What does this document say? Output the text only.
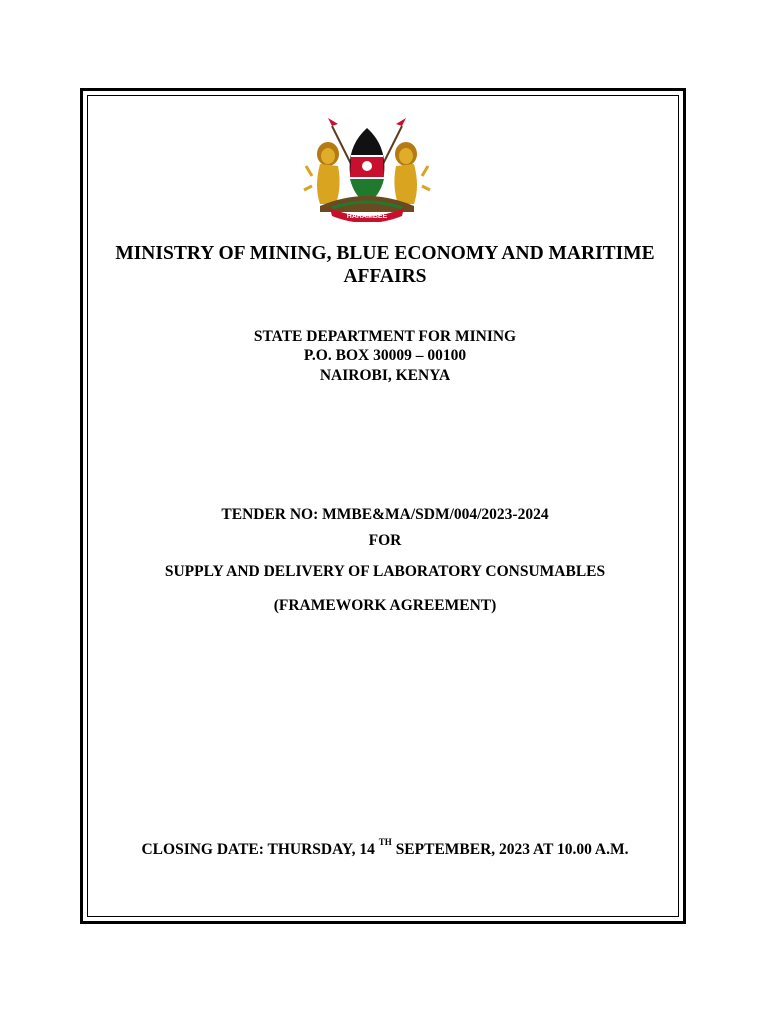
HARAMBEE
MINISTRY OF MINING, BLUE ECONOMY AND MARITIME
AFFAIRS
STATE DEPARTMENT FOR MINING
P.O. BOX 30009 – 00100
NAIROBI, KENYA
TENDER NO: MMBE&MA/SDM/004/2023-2024
FOR
SUPPLY AND DELIVERY OF LABORATORY CONSUMABLES
(FRAMEWORK AGREEMENT)
CLOSING DATE: THURSDAY, 14 $^{TH}$ SEPTEMBER, 2023 AT 10.00 A.M.
